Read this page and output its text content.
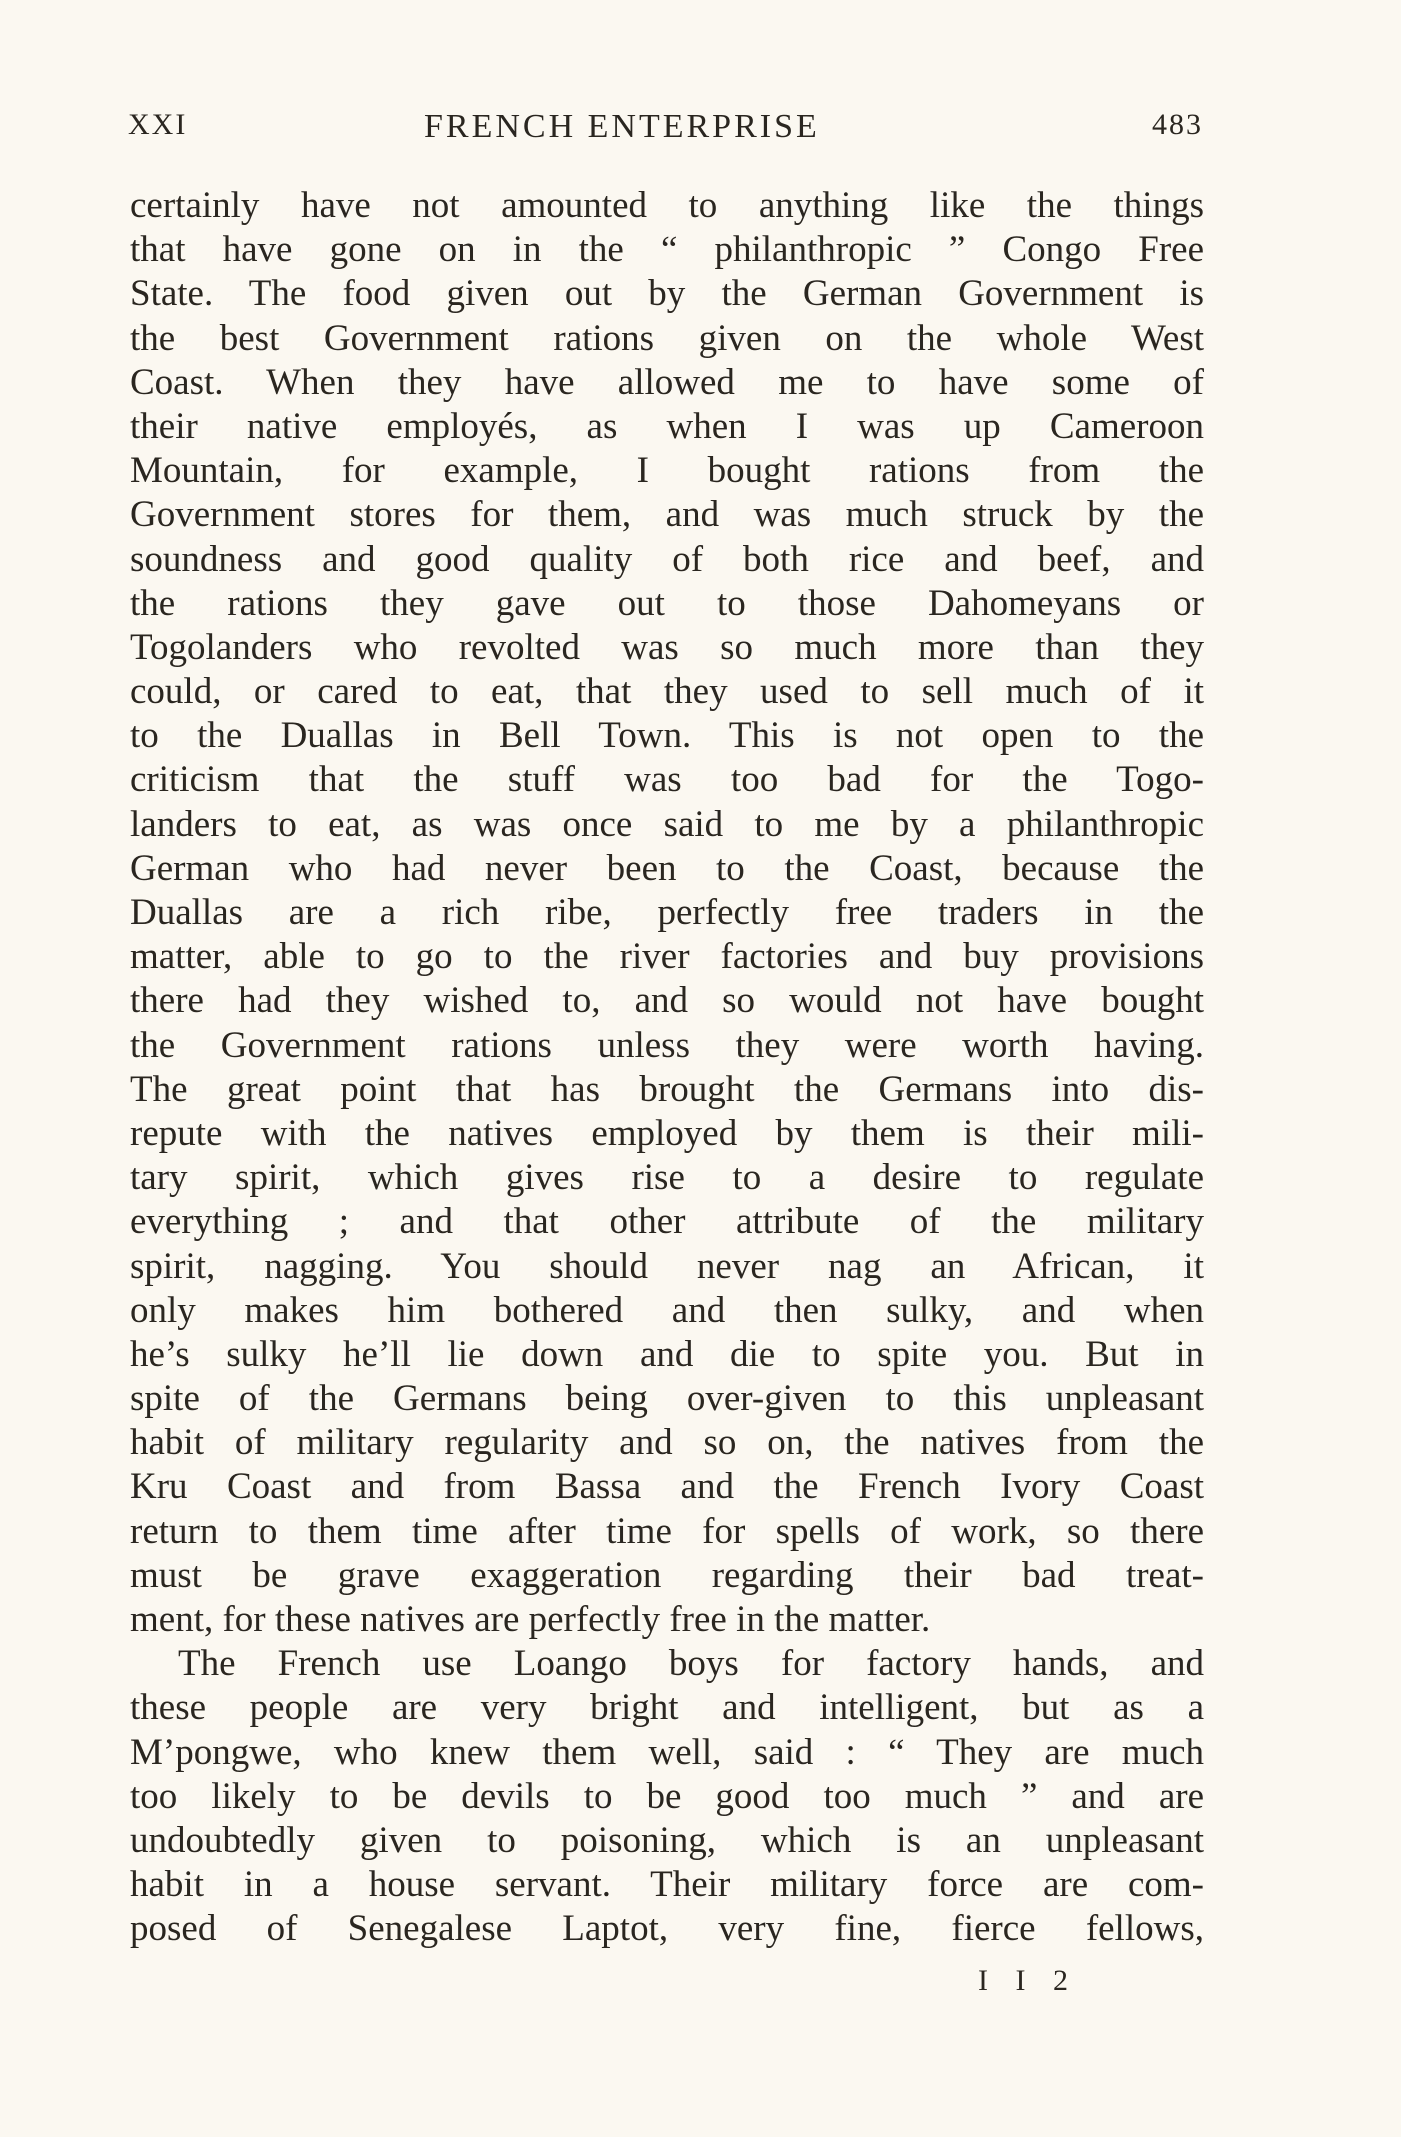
XXI	FRENCH ENTERPRISE	483
certainly have not amounted to anything like the things
that have gone on in the “ philanthropic ” Congo Free
State. The food given out by the German Government is
the best Government rations given on the whole West
Coast. When they have allowed me to have some of
their native employés, as when I was up Cameroon
Mountain, for example, I bought rations from the
Government stores for them, and was much struck by the
soundness and good quality of both rice and beef, and
the rations they gave out to those Dahomeyans or
Togolanders who revolted was so much more than they
could, or cared to eat, that they used to sell much of it
to the Duallas in Bell Town. This is not open to the
criticism that the stuff was too bad for the Togo-
landers to eat, as was once said to me by a philanthropic
German who had never been to the Coast, because the
Duallas are a rich ribe, perfectly free traders in the
matter, able to go to the river factories and buy provisions
there had they wished to, and so would not have bought
the Government rations unless they were worth having.
The great point that has brought the Germans into dis-
repute with the natives employed by them is their mili-
tary spirit, which gives rise to a desire to regulate
everything ; and that other attribute of the military
spirit, nagging. You should never nag an African, it
only makes him bothered and then sulky, and when
he’s sulky he’ll lie down and die to spite you. But in
spite of the Germans being over-given to this unpleasant
habit of military regularity and so on, the natives from the
Kru Coast and from Bassa and the French Ivory Coast
return to them time after time for spells of work, so there
must be grave exaggeration regarding their bad treat-
ment, for these natives are perfectly free in the matter.
The French use Loango boys for factory hands, and
these people are very bright and intelligent, but as a
M’pongwe, who knew them well, said : “ They are much
too likely to be devils to be good too much ” and are
undoubtedly given to poisoning, which is an unpleasant
habit in a house servant. Their military force are com-
posed of Senegalese Laptot, very fine, fierce fellows,
I I 2
